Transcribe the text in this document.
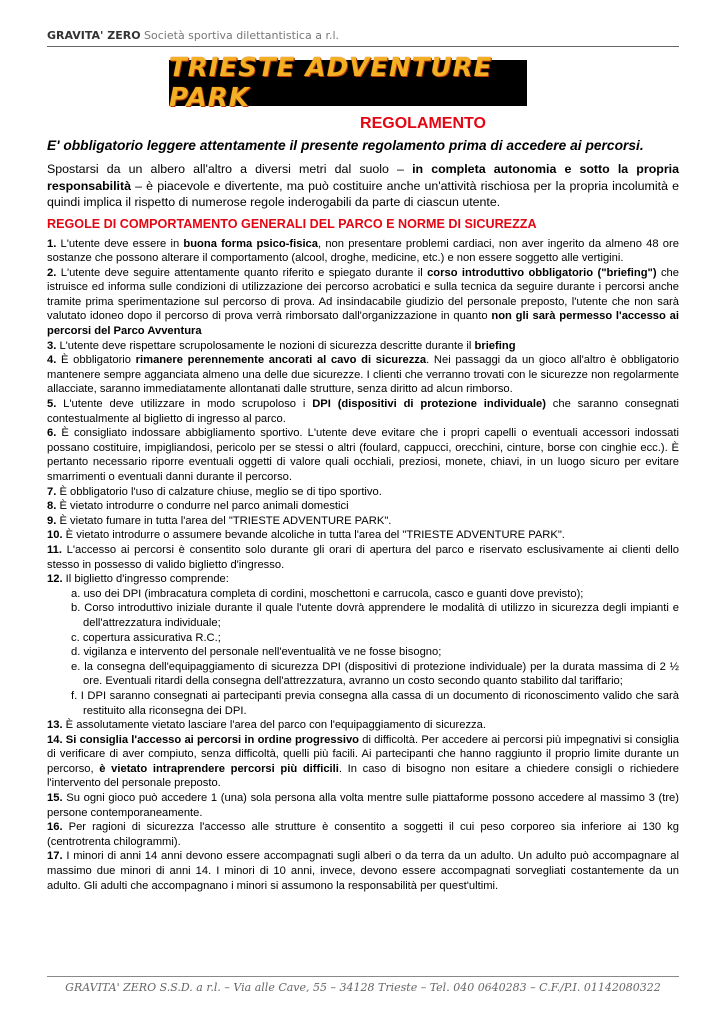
GRAVITA' ZERO Società sportiva dilettantistica a r.l.
TRIESTE ADVENTURE PARK
REGOLAMENTO

E' obbligatorio leggere attentamente il presente regolamento prima di accedere ai percorsi.

Spostarsi da un albero all'altro a diversi metri dal suolo – in completa autonomia e sotto la propria responsabilità – è piacevole e divertente, ma può costituire anche un'attività rischiosa per la propria incolumità e quindi implica il rispetto di numerose regole inderogabili da parte di ciascun utente.

REGOLE DI COMPORTAMENTO GENERALI DEL PARCO E NORME DI SICUREZZA

1. L'utente deve essere in buona forma psico-fisica, non presentare problemi cardiaci, non aver ingerito da almeno 48 ore sostanze che possono alterare il comportamento (alcool, droghe, medicine, etc.) e non essere soggetto alle vertigini.

2. L'utente deve seguire attentamente quanto riferito e spiegato durante il corso introduttivo obbligatorio ("briefing") che istruisce ed informa sulle condizioni di utilizzazione dei percorso acrobatici e sulla tecnica da seguire durante i percorsi anche tramite prima sperimentazione sul percorso di prova. Ad insindacabile giudizio del personale preposto, l'utente che non sarà valutato idoneo dopo il percorso di prova verrà rimborsato dall'organizzazione in quanto non gli sarà permesso l'accesso ai percorsi del Parco Avventura

3. L'utente deve rispettare scrupolosamente le nozioni di sicurezza descritte durante il briefing

4. È obbligatorio rimanere perennemente ancorati al cavo di sicurezza. Nei passaggi da un gioco all'altro è obbligatorio mantenere sempre agganciata almeno una delle due sicurezze. I clienti che verranno trovati con le sicurezze non regolarmente allacciate, saranno immediatamente allontanati dalle strutture, senza diritto ad alcun rimborso.

5. L'utente deve utilizzare in modo scrupoloso i DPI (dispositivi di protezione individuale) che saranno consegnati contestualmente al biglietto di ingresso al parco.

6. È consigliato indossare abbigliamento sportivo. L'utente deve evitare che i propri capelli o eventuali accessori indossati possano costituire, impigliandosi, pericolo per se stessi o altri (foulard, cappucci, orecchini, cinture, borse con cinghie ecc.). È pertanto necessario riporre eventuali oggetti di valore quali occhiali, preziosi, monete, chiavi, in un luogo sicuro per evitare smarrimenti o eventuali danni durante il percorso.

7. È obbligatorio l'uso di calzature chiuse, meglio se di tipo sportivo.

8. È vietato introdurre o condurre nel parco animali domestici

9. È vietato fumare in tutta l'area del "TRIESTE ADVENTURE PARK".

10. È vietato introdurre o assumere bevande alcoliche in tutta l'area del "TRIESTE ADVENTURE PARK".

11. L'accesso ai percorsi è consentito solo durante gli orari di apertura del parco e riservato esclusivamente ai clienti dello stesso in possesso di valido biglietto d'ingresso.

12. Il biglietto d'ingresso comprende:

a. uso dei DPI (imbracatura completa di cordini, moschettoni e carrucola, casco e guanti dove previsto);
b. Corso introduttivo iniziale durante il quale l'utente dovrà apprendere le modalità di utilizzo in sicurezza degli impianti e dell'attrezzatura individuale;
c. copertura assicurativa R.C.;
d. vigilanza e intervento del personale nell'eventualità ve ne fosse bisogno;
e. la consegna dell'equipaggiamento di sicurezza DPI (dispositivi di protezione individuale) per la durata massima di 2 ½ ore. Eventuali ritardi della consegna dell'attrezzatura, avranno un costo secondo quanto stabilito dal tariffario;
f. I DPI saranno consegnati ai partecipanti previa consegna alla cassa di un documento di riconoscimento valido che sarà restituito alla riconsegna dei DPI.

13. È assolutamente vietato lasciare l'area del parco con l'equipaggiamento di sicurezza.

14. Si consiglia l'accesso ai percorsi in ordine progressivo di difficoltà. Per accedere ai percorsi più impegnativi si consiglia di verificare di aver compiuto, senza difficoltà, quelli più facili. Ai partecipanti che hanno raggiunto il proprio limite durante un percorso, è vietato intraprendere percorsi più difficili. In caso di bisogno non esitare a chiedere consigli o richiedere l'intervento del personale preposto.

15. Su ogni gioco può accedere 1 (una) sola persona alla volta mentre sulle piattaforme possono accedere al massimo 3 (tre) persone contemporaneamente.

16. Per ragioni di sicurezza l'accesso alle strutture è consentito a soggetti il cui peso corporeo sia inferiore ai 130 kg (centrotrenta chilogrammi).

17. I minori di anni 14 anni devono essere accompagnati sugli alberi o da terra da un adulto. Un adulto può accompagnare al massimo due minori di anni 14. I minori di 10 anni, invece, devono essere accompagnati sorvegliati costantemente da un adulto. Gli adulti che accompagnano i minori si assumono la responsabilità per quest'ultimi.

GRAVITA' ZERO S.S.D. a r.l. – Via alle Cave, 55 – 34128 Trieste – Tel. 040 0640283 – C.F./P.I. 01142080322
